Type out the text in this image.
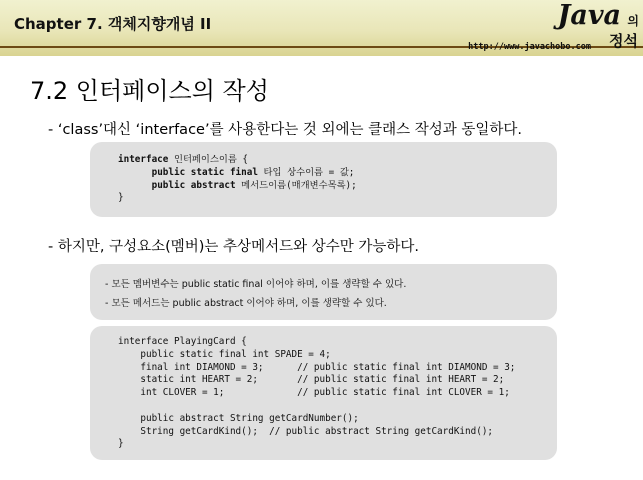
Chapter 7. 객체지향개념 II	Java 의
정석
http://www.javachobo.com
7.2 인터페이스의 작성
- ‘class’대신 ‘interface’를 사용한다는 것 외에는 클래스 작성과 동일하다.
interface 인터페이스이름 {
public static final 타입 상수이름 = 값;
public abstract 메서드이름(매개변수목록);
}
- 하지만, 구성요소(멤버)는 추상메서드와 상수만 가능하다.
- 모든 멤버변수는 public static final 이어야 하며, 이를 생략할 수 있다.
- 모든 메서드는 public abstract 이어야 하며, 이를 생략할 수 있다.
interface PlayingCard {
public static final int SPADE = 4;
final int DIAMOND = 3;      // public static final int DIAMOND = 3;
static int HEART = 2;       // public static final int HEART = 2;
int CLOVER = 1;             // public static final int CLOVER = 1;

public abstract String getCardNumber();
String getCardKind();  // public abstract String getCardKind();
}
